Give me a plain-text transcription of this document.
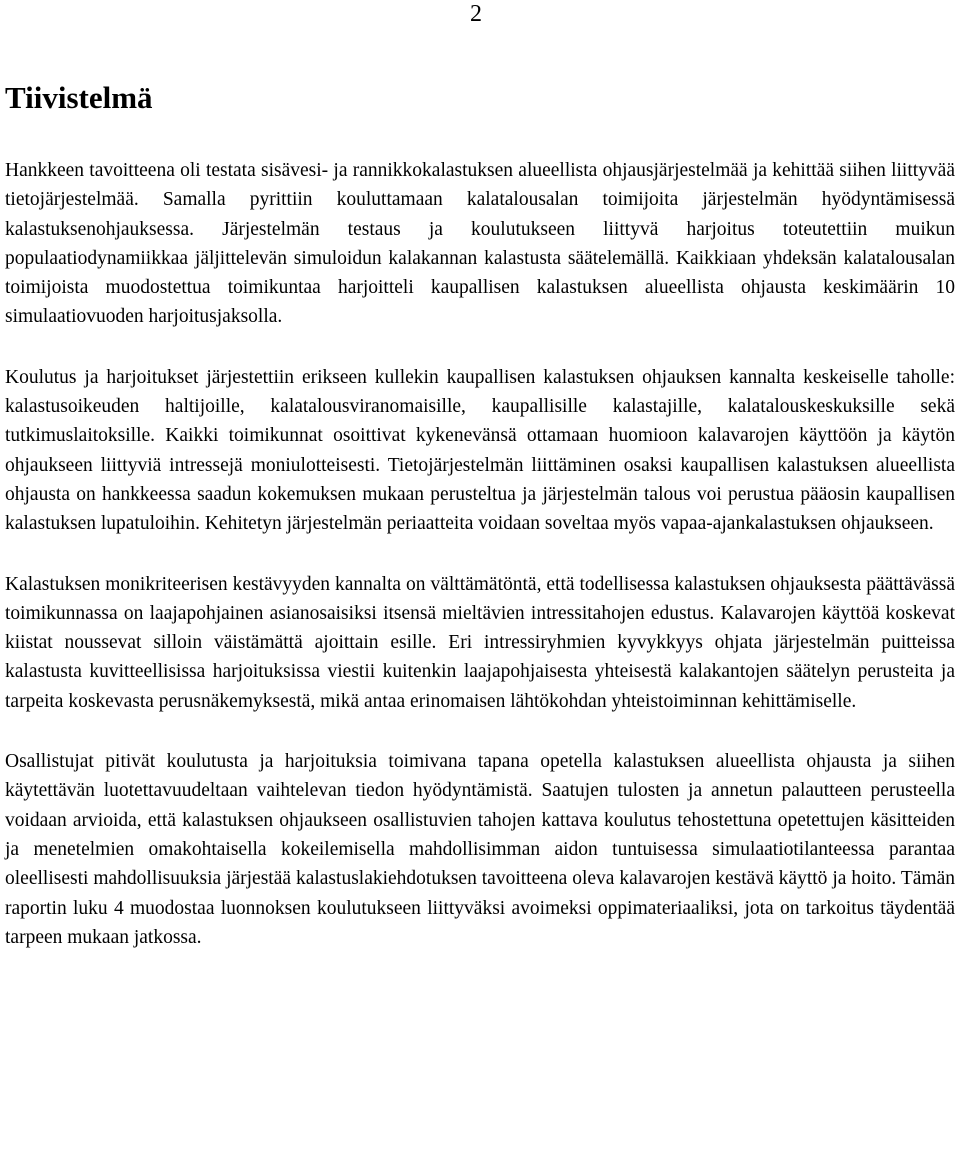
2
Tiivistelmä

Hankkeen tavoitteena oli testata sisävesi- ja rannikkokalastuksen alueellista ohjausjärjestelmää ja kehittää siihen liittyvää tietojärjestelmää. Samalla pyrittiin kouluttamaan kalatalousalan toimijoita järjestelmän hyödyntämisessä kalastuksenohjauksessa. Järjestelmän testaus ja koulutukseen liittyvä harjoitus toteutettiin muikun populaatiodynamiikkaa jäljittelevän simuloidun kalakannan kalastusta säätelemällä. Kaikkiaan yhdeksän kalatalousalan toimijoista muodostettua toimikuntaa harjoitteli kaupallisen kalastuksen alueellista ohjausta keskimäärin 10 simulaatiovuoden harjoitusjaksolla.

Koulutus ja harjoitukset järjestettiin erikseen kullekin kaupallisen kalastuksen ohjauksen kannalta keskeiselle taholle: kalastusoikeuden haltijoille, kalatalousviranomaisille, kaupallisille kalastajille, kalatalouskeskuksille sekä tutkimuslaitoksille. Kaikki toimikunnat osoittivat kykenevänsä ottamaan huomioon kalavarojen käyttöön ja käytön ohjaukseen liittyviä intressejä moniulotteisesti. Tietojärjestelmän liittäminen osaksi kaupallisen kalastuksen alueellista ohjausta on hankkeessa saadun kokemuksen mukaan perusteltua ja järjestelmän talous voi perustua pääosin kaupallisen kalastuksen lupatuloihin. Kehitetyn järjestelmän periaatteita voidaan soveltaa myös vapaa-ajankalastuksen ohjaukseen.

Kalastuksen monikriteerisen kestävyyden kannalta on välttämätöntä, että todellisessa kalastuksen ohjauksesta päättävässä toimikunnassa on laajapohjainen asianosaisiksi itsensä mieltävien intressitahojen edustus. Kalavarojen käyttöä koskevat kiistat noussevat silloin väistämättä ajoittain esille. Eri intressiryhmien kyvykkyys ohjata järjestelmän puitteissa kalastusta kuvitteellisissa harjoituksissa viestii kuitenkin laajapohjaisesta yhteisestä kalakantojen säätelyn perusteita ja tarpeita koskevasta perusnäkemyksestä, mikä antaa erinomaisen lähtökohdan yhteistoiminnan kehittämiselle.

Osallistujat pitivät koulutusta ja harjoituksia toimivana tapana opetella kalastuksen alueellista ohjausta ja siihen käytettävän luotettavuudeltaan vaihtelevan tiedon hyödyntämistä. Saatujen tulosten ja annetun palautteen perusteella voidaan arvioida, että kalastuksen ohjaukseen osallistuvien tahojen kattava koulutus tehostettuna opetettujen käsitteiden ja menetelmien omakohtaisella kokeilemisella mahdollisimman aidon tuntuisessa simulaatiotilanteessa parantaa oleellisesti mahdollisuuksia järjestää kalastuslakiehdotuksen tavoitteena oleva kalavarojen kestävä käyttö ja hoito. Tämän raportin luku 4 muodostaa luonnoksen koulutukseen liittyväksi avoimeksi oppimateriaaliksi, jota on tarkoitus täydentää tarpeen mukaan jatkossa.
